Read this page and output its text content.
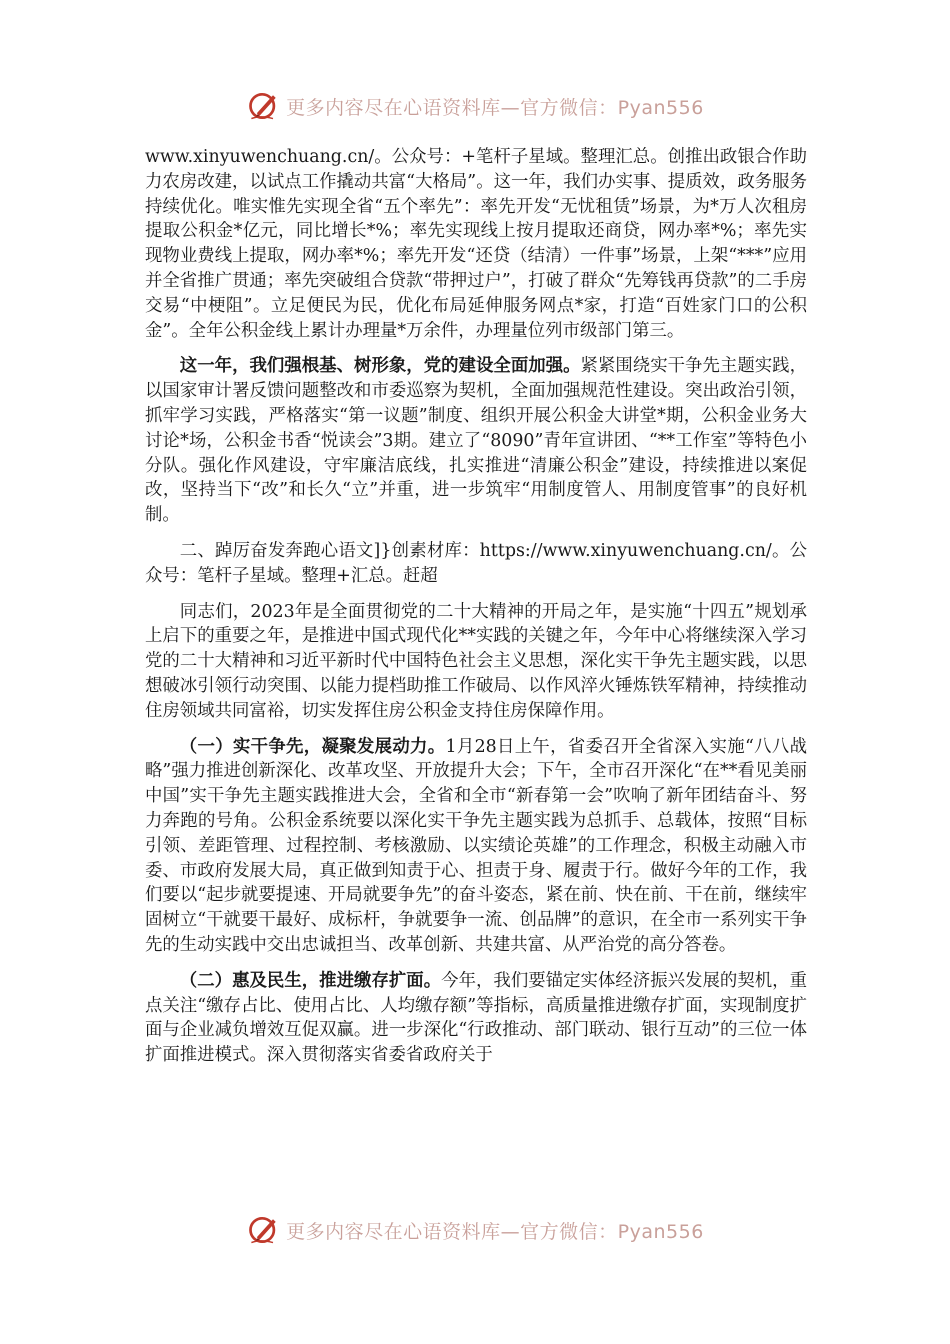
更多内容尽在心语资料库—官方微信：Pyan556

www.xinyuwenchuang.cn/。公众号：+笔杆子星域。整理汇总。创推出政银合作助力农房改建，以试点工作撬动共富“大格局”。这一年，我们办实事、提质效，政务服务持续优化。唯实惟先实现全省“五个率先”：率先开发“无忧租赁”场景，为*万人次租房提取公积金*亿元，同比增长*%；率先实现线上按月提取还商贷，网办率*%；率先实现物业费线上提取，网办率*%；率先开发“还贷（结清）一件事”场景，上架“***”应用并全省推广贯通；率先突破组合贷款“带押过户”，打破了群众“先筹钱再贷款”的二手房交易“中梗阻”。立足便民为民，优化布局延伸服务网点*家，打造“百姓家门口的公积金”。全年公积金线上累计办理量*万余件，办理量位列市级部门第三。

这一年，我们强根基、树形象，党的建设全面加强。紧紧围绕实干争先主题实践，以国家审计署反馈问题整改和市委巡察为契机，全面加强规范性建设。突出政治引领，抓牢学习实践，严格落实“第一议题”制度、组织开展公积金大讲堂*期，公积金业务大讨论*场，公积金书香“悦读会”3期。建立了“8090”青年宣讲团、“**工作室”等特色小分队。强化作风建设，守牢廉洁底线，扎实推进“清廉公积金”建设，持续推进以案促改，坚持当下“改”和长久“立”并重，进一步筑牢“用制度管人、用制度管事”的良好机制。

二、踔厉奋发奔跑心语文]}创素材库：https://www.xinyuwenchuang.cn/。公众号：笔杆子星域。整理+汇总。赶超

同志们，2023年是全面贯彻党的二十大精神的开局之年，是实施“十四五”规划承上启下的重要之年，是推进中国式现代化**实践的关键之年，今年中心将继续深入学习党的二十大精神和习近平新时代中国特色社会主义思想，深化实干争先主题实践，以思想破冰引领行动突围、以能力提档助推工作破局、以作风淬火锤炼铁军精神，持续推动住房领域共同富裕，切实发挥住房公积金支持住房保障作用。

（一）实干争先，凝聚发展动力。1月28日上午，省委召开全省深入实施“八八战略”强力推进创新深化、改革攻坚、开放提升大会；下午，全市召开深化“在**看见美丽中国”实干争先主题实践推进大会，全省和全市“新春第一会”吹响了新年团结奋斗、努力奔跑的号角。公积金系统要以深化实干争先主题实践为总抓手、总载体，按照“目标引领、差距管理、过程控制、考核激励、以实绩论英雄”的工作理念，积极主动融入市委、市政府发展大局，真正做到知责于心、担责于身、履责于行。做好今年的工作，我们要以“起步就要提速、开局就要争先”的奋斗姿态，紧在前、快在前、干在前，继续牢固树立“干就要干最好、成标杆，争就要争一流、创品牌”的意识，在全市一系列实干争先的生动实践中交出忠诚担当、改革创新、共建共富、从严治党的高分答卷。

（二）惠及民生，推进缴存扩面。今年，我们要锚定实体经济振兴发展的契机，重点关注“缴存占比、使用占比、人均缴存额”等指标，高质量推进缴存扩面，实现制度扩面与企业减负增效互促双赢。进一步深化“行政推动、部门联动、银行互动”的三位一体扩面推进模式。深入贯彻落实省委省政府关于

更多内容尽在心语资料库—官方微信：Pyan556
